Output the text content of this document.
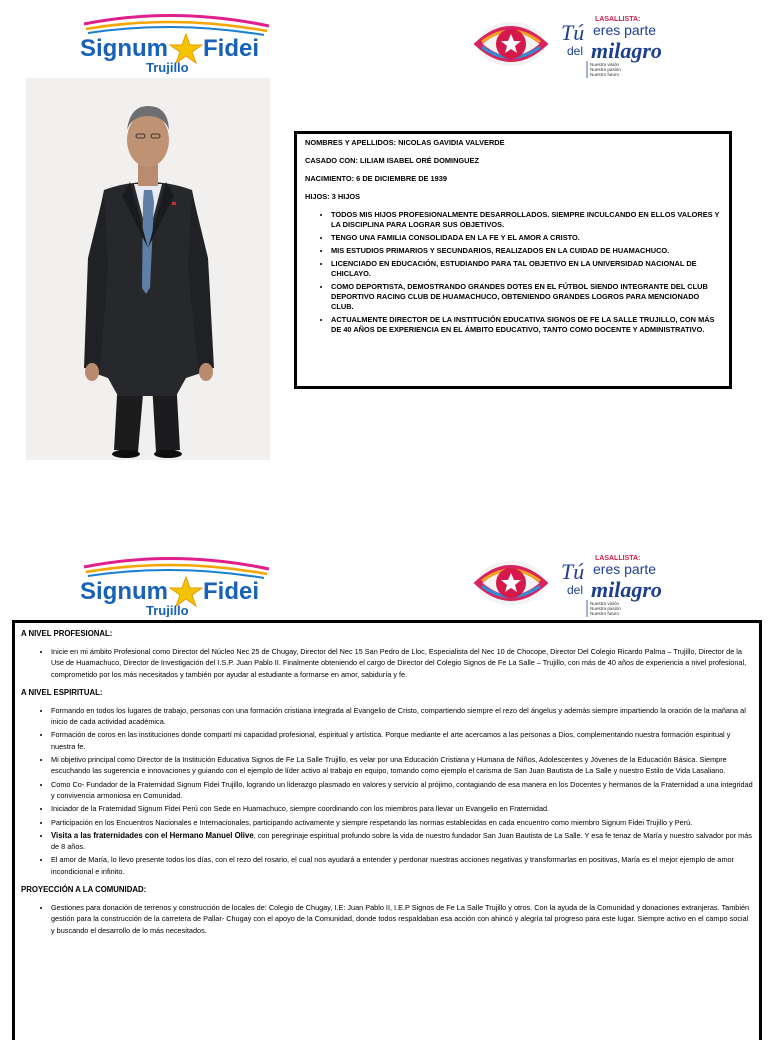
Signum Fidei
Trujillo
LASALLISTA:
Tú eres parte
del milagro
Nuestra visión
Nuestra pasión
Nuestro futuro

NOMBRES Y APELLIDOS: NICOLAS GAVIDIA VALVERDE

CASADO CON: LILIAM ISABEL ORÉ DOMINGUEZ

NACIMIENTO: 6 DE DICIEMBRE DE 1939

HIJOS: 3 HIJOS

• TODOS MIS HIJOS PROFESIONALMENTE DESARROLLADOS. SIEMPRE INCULCANDO EN ELLOS VALORES Y LA DISCIPLINA PARA LOGRAR SUS OBJETIVOS.
• TENGO UNA FAMILIA CONSOLIDADA EN LA FE Y EL AMOR A CRISTO.
• MIS ESTUDIOS PRIMARIOS Y SECUNDARIOS, REALIZADOS EN LA CUIDAD DE HUAMACHUCO.
• LICENCIADO EN EDUCACIÓN, ESTUDIANDO PARA TAL OBJETIVO EN LA UNIVERSIDAD NACIONAL DE CHICLAYO.
• COMO DEPORTISTA, DEMOSTRANDO GRANDES DOTES EN EL FÚTBOL SIENDO INTEGRANTE DEL CLUB DEPORTIVO RACING CLUB DE HUAMACHUCO, OBTENIENDO GRANDES LOGROS PARA MENCIONADO CLUB.
• ACTUALMENTE DIRECTOR DE LA INSTITUCIÓN EDUCATIVA SIGNOS DE FE LA SALLE TRUJILLO, CON MÁS DE 40 AÑOS DE EXPERIENCIA EN EL ÁMBITO EDUCATIVO, TANTO COMO DOCENTE Y ADMINISTRATIVO.
Signum Fidei
Trujillo
LASALLISTA:
Tú eres parte
del milagro
Nuestra visión
Nuestra pasión
Nuestro futuro
A NIVEL PROFESIONAL:
• Inicie en mi ámbito Profesional como Director del Núcleo Nec 25 de Chugay, Director del Nec 15 San Pedro de Lloc, Especialista del Nec 10 de Chocope, Director Del Colegio Ricardo Palma – Trujillo, Director de la Use de Huamachuco, Director de Investigación del I.S.P. Juan Pablo II. Finalmente obteniendo el cargo de Director del Colegio Signos de Fe La Salle – Trujillo, con más de 40 años de experiencia a nivel profesional, comprometido por los más necesitados y también por ayudar al estudiante a formarse en amor, sabiduría y fe.
A NIVEL ESPIRITUAL:
• Formando en todos los lugares de trabajo, personas con una formación cristiana integrada al Evangelio de Cristo, compartiendo siempre el rezo del ángelus y además siempre impartiendo la oración de la mañana al inicio de cada actividad académica.
• Formación de coros en las instituciones donde compartí mi capacidad profesional, espiritual y artística. Porque mediante el arte acercamos a las personas a Dios, complementando nuestra formación espiritual y nuestra fe.
• Mi objetivo principal como Director de la Institución Educativa Signos de Fe La Salle Trujillo, es velar por una Educación Cristiana y Humana de Niños, Adolescentes y Jóvenes de la Educación Básica. Siempre escuchando las sugerencia e innovaciones y guiando con el ejemplo de líder activo al trabajo en equipo, tomando como ejemplo el carisma de San Juan Bautista de La Salle y nuestro Estilo de Vida Lasaliano.
• Como Co- Fundador de la Fraternidad Signum Fidei Trujillo, logrando un liderazgo plasmado en valores y servicio al prójimo, contagiando de esa manera en los Docentes y hermanos de la Fraternidad a una integridad y convivencia armoniosa en Comunidad.
• Iniciador de la Fraternidad Signum Fidei Perú con Sede en Huamachuco, siempre coordinando con los miembros para llevar un Evangelio en Fraternidad.
• Participación en los Encuentros Nacionales e Internacionales, participando activamente y siempre respetando las normas establecidas en cada encuentro como miembro Signum Fidei Trujillo y Perú.
• Visita a las fraternidades con el Hermano Manuel Olive, con peregrinaje espiritual profundo sobre la vida de nuestro fundador San Juan Bautista de La Salle. Y esa fe tenaz de María y nuestro salvador por más de 8 años.
• El amor de María, lo llevo presente todos los días, con el rezo del rosario, el cual nos ayudará a entender y perdonar nuestras acciones negativas y transformarlas en positivas, María es el mejor ejemplo de amor incondicional e infinito.
PROYECCIÓN A LA COMUNIDAD:
• Gestiones para donación de terrenos y construcción de locales de: Colegio de Chugay, I.E: Juan Pablo II, I.E.P Signos de Fe La Salle Trujillo y otros. Con la ayuda de la Comunidad y donaciones extranjeras. También gestión para la construcción de la carretera de Pallar- Chugay con el apoyo de la Comunidad, donde todos respaldaban esa acción con ahincó y alegría tal progreso para este lugar. Siempre activo en el campo social y buscando el desarrollo de lo más necesitados.
